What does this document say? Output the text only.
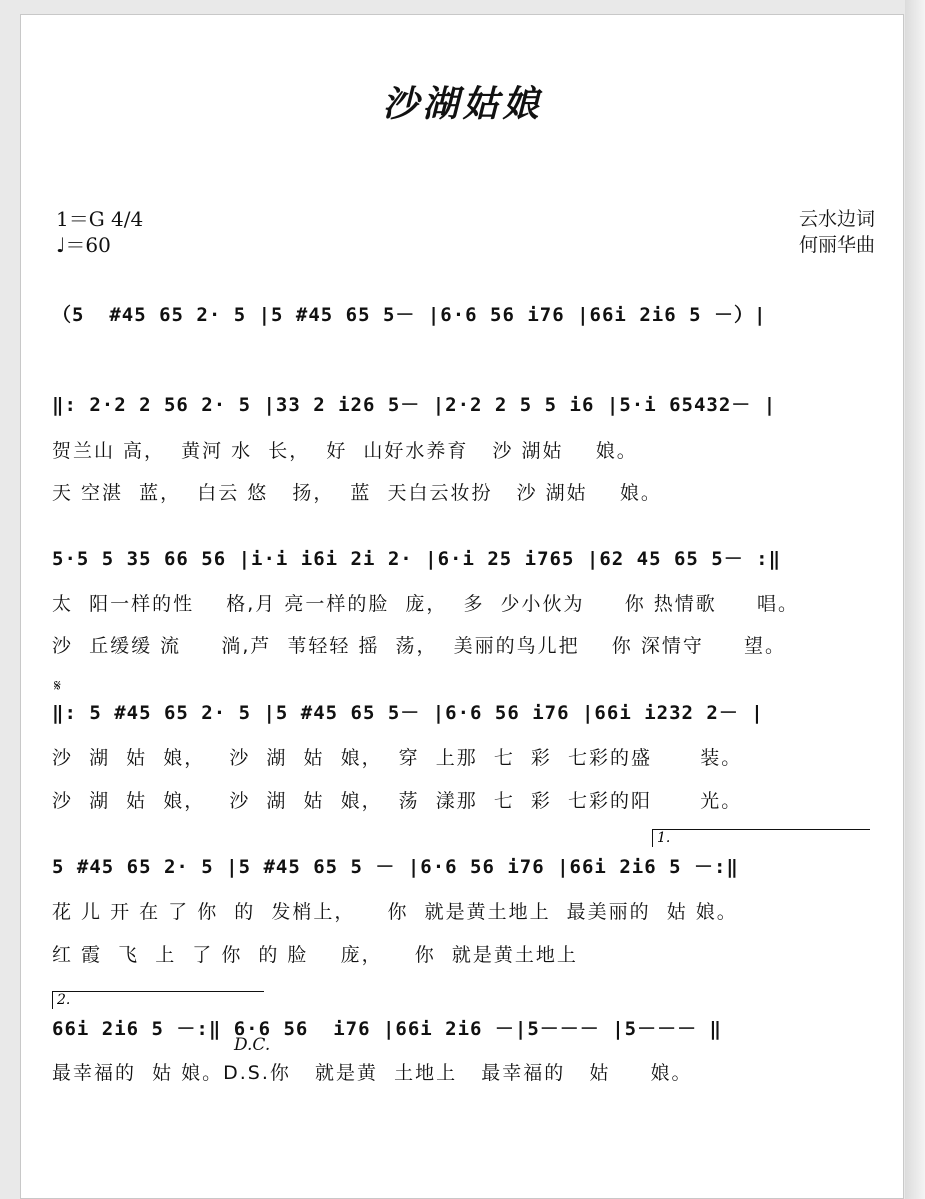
沙湖姑娘
1＝G 4/4
♩＝60
云水边词
何丽华曲
（5  #45 65 2· 5 |5 #45 65 5－ |6·6 56 i76 |66i 2i6 5 －）|
‖: 2·2 2 56 2· 5 |33 2 i26 5－ |2·2 2 5 5 i6 |5·i 65432－ |
贺兰山 高，  黄河 水  长，  好  山好水养育   沙 湖姑    娘。
天 空湛  蓝，  白云 悠   扬，  蓝  天白云妆扮   沙 湖姑    娘。
5·5 5 35 66 56 |i·i i6i 2i 2· |6·i 25 i765 |62 45 65 5－ :‖
太  阳一样的性    格,月 亮一样的脸  庞，  多  少小伙为     你 热情歌     唱。
沙  丘缓缓 流     淌,芦  苇轻轻 摇  荡，  美丽的鸟儿把    你 深情守     望。
𝄋
‖: 5 #45 65 2· 5 |5 #45 65 5－ |6·6 56 i76 |66i i232 2－ |
沙  湖  姑  娘，   沙  湖  姑  娘，  穿  上那  七  彩  七彩的盛      装。
沙  湖  姑  娘，   沙  湖  姑  娘，  荡  漾那  七  彩  七彩的阳      光。
1.
5 #45 65 2· 5 |5 #45 65 5 － |6·6 56 i76 |66i 2i6 5 －:‖
花 儿 开 在 了 你  的  发梢上，    你  就是黄土地上  最美丽的  姑 娘。
红 霞  飞  上  了 你  的 脸    庞，    你  就是黄土地上
2.
66i 2i6 5 －:‖ 6·6 56  i76 |66i 2i6 －|5－－－ |5－－－ ‖
D.C.
最幸福的  姑 娘。D.S.你   就是黄  土地上   最幸福的   姑     娘。
